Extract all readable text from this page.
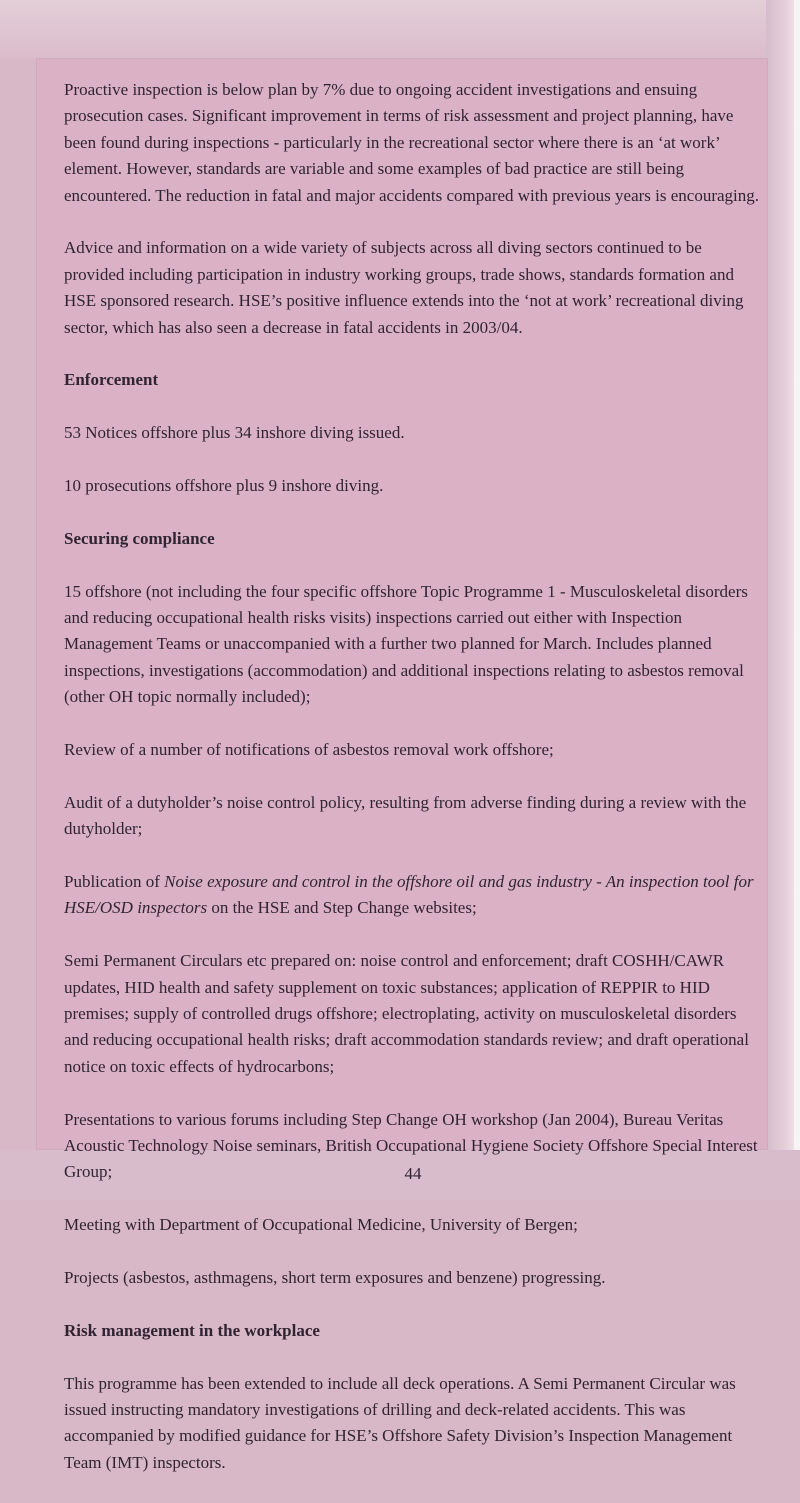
Proactive inspection is below plan by 7% due to ongoing accident investigations and ensuing prosecution cases. Significant improvement in terms of risk assessment and project planning, have been found during inspections - particularly in the recreational sector where there is an ‘at work’ element. However, standards are variable and some examples of bad practice are still being encountered. The reduction in fatal and major accidents compared with previous years is encouraging.

Advice and information on a wide variety of subjects across all diving sectors continued to be provided including participation in industry working groups, trade shows, standards formation and HSE sponsored research. HSE’s positive influence extends into the ‘not at work’ recreational diving sector, which has also seen a decrease in fatal accidents in 2003/04.

Enforcement

53 Notices offshore plus 34 inshore diving issued.

10 prosecutions offshore plus 9 inshore diving.

Securing compliance

15 offshore (not including the four specific offshore Topic Programme 1 - Musculoskeletal disorders and reducing occupational health risks visits) inspections carried out either with Inspection Management Teams or unaccompanied with a further two planned for March. Includes planned inspections, investigations (accommodation) and additional inspections relating to asbestos removal (other OH topic normally included);

Review of a number of notifications of asbestos removal work offshore;

Audit of a dutyholder’s noise control policy, resulting from adverse finding during a review with the dutyholder;

Publication of Noise exposure and control in the offshore oil and gas industry - An inspection tool for HSE/OSD inspectors on the HSE and Step Change websites;

Semi Permanent Circulars etc prepared on: noise control and enforcement; draft COSHH/CAWR updates, HID health and safety supplement on toxic substances; application of REPPIR to HID premises; supply of controlled drugs offshore; electroplating, activity on musculoskeletal disorders and reducing occupational health risks; draft accommodation standards review; and draft operational notice on toxic effects of hydrocarbons;

Presentations to various forums including Step Change OH workshop (Jan 2004), Bureau Veritas Acoustic Technology Noise seminars, British Occupational Hygiene Society Offshore Special Interest Group;

Meeting with Department of Occupational Medicine, University of Bergen;

Projects (asbestos, asthmagens, short term exposures and benzene) progressing.

Risk management in the workplace

This programme has been extended to include all deck operations. A Semi Permanent Circular was issued instructing mandatory investigations of drilling and deck-related accidents. This was accompanied by modified guidance for HSE’s Offshore Safety Division’s Inspection Management Team (IMT) inspectors.

44
